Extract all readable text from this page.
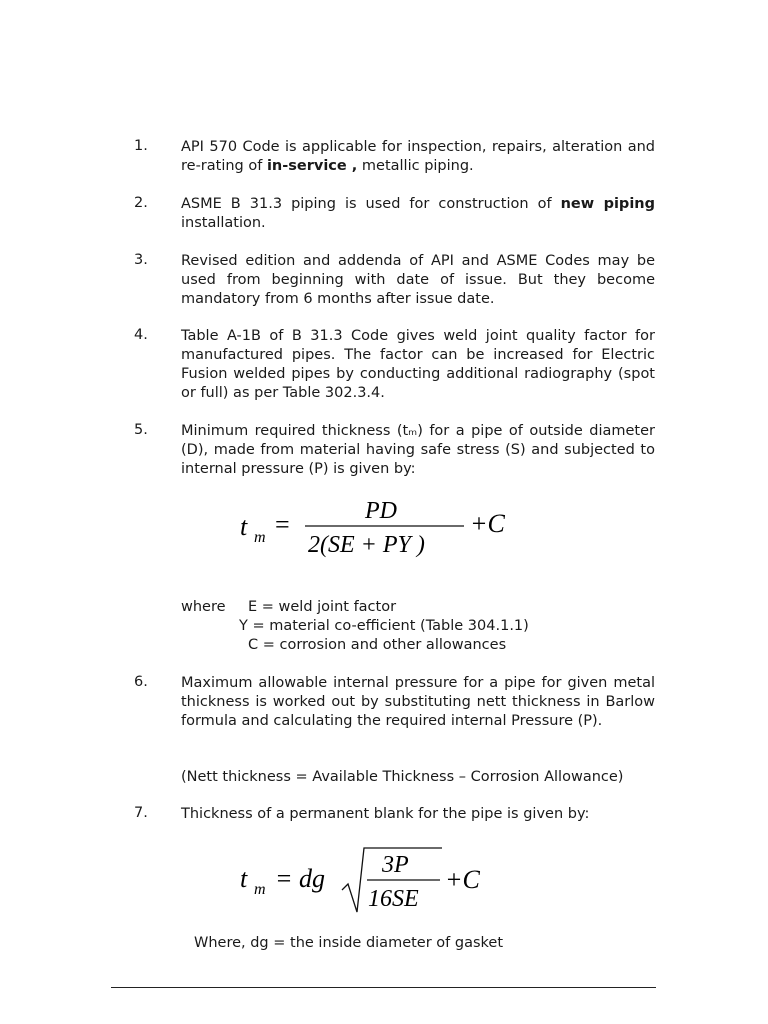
1. API 570 Code is applicable for inspection, repairs, alteration and re-rating of in-service , metallic piping.
2. ASME B 31.3 piping is used for construction of new piping installation.
3. Revised edition and addenda of API and ASME Codes may be used from beginning with date of issue. But they become mandatory from 6 months after issue date.
4. Table A-1B of B 31.3 Code gives weld joint quality factor for manufactured pipes. The factor can be increased for Electric Fusion welded pipes by conducting additional radiography (spot or full) as per Table 302.3.4.
5. Minimum required thickness (tₘ) for a pipe of outside diameter (D), made from material having safe stress (S) and subjected to internal pressure (P) is given by:
t m =	PD
2(SE + PY )
+C
where E = weld joint factor
Y = material co-efficient (Table 304.1.1)
C = corrosion and other allowances
6. Maximum allowable internal pressure for a pipe for given metal thickness is worked out by substituting nett thickness in Barlow formula and calculating the required internal Pressure (P).
(Nett thickness = Available Thickness – Corrosion Allowance)
7. Thickness of a permanent blank for the pipe is given by:
t m = dg 3P
16SE
+C
Where, dg = the inside diameter of gasket
